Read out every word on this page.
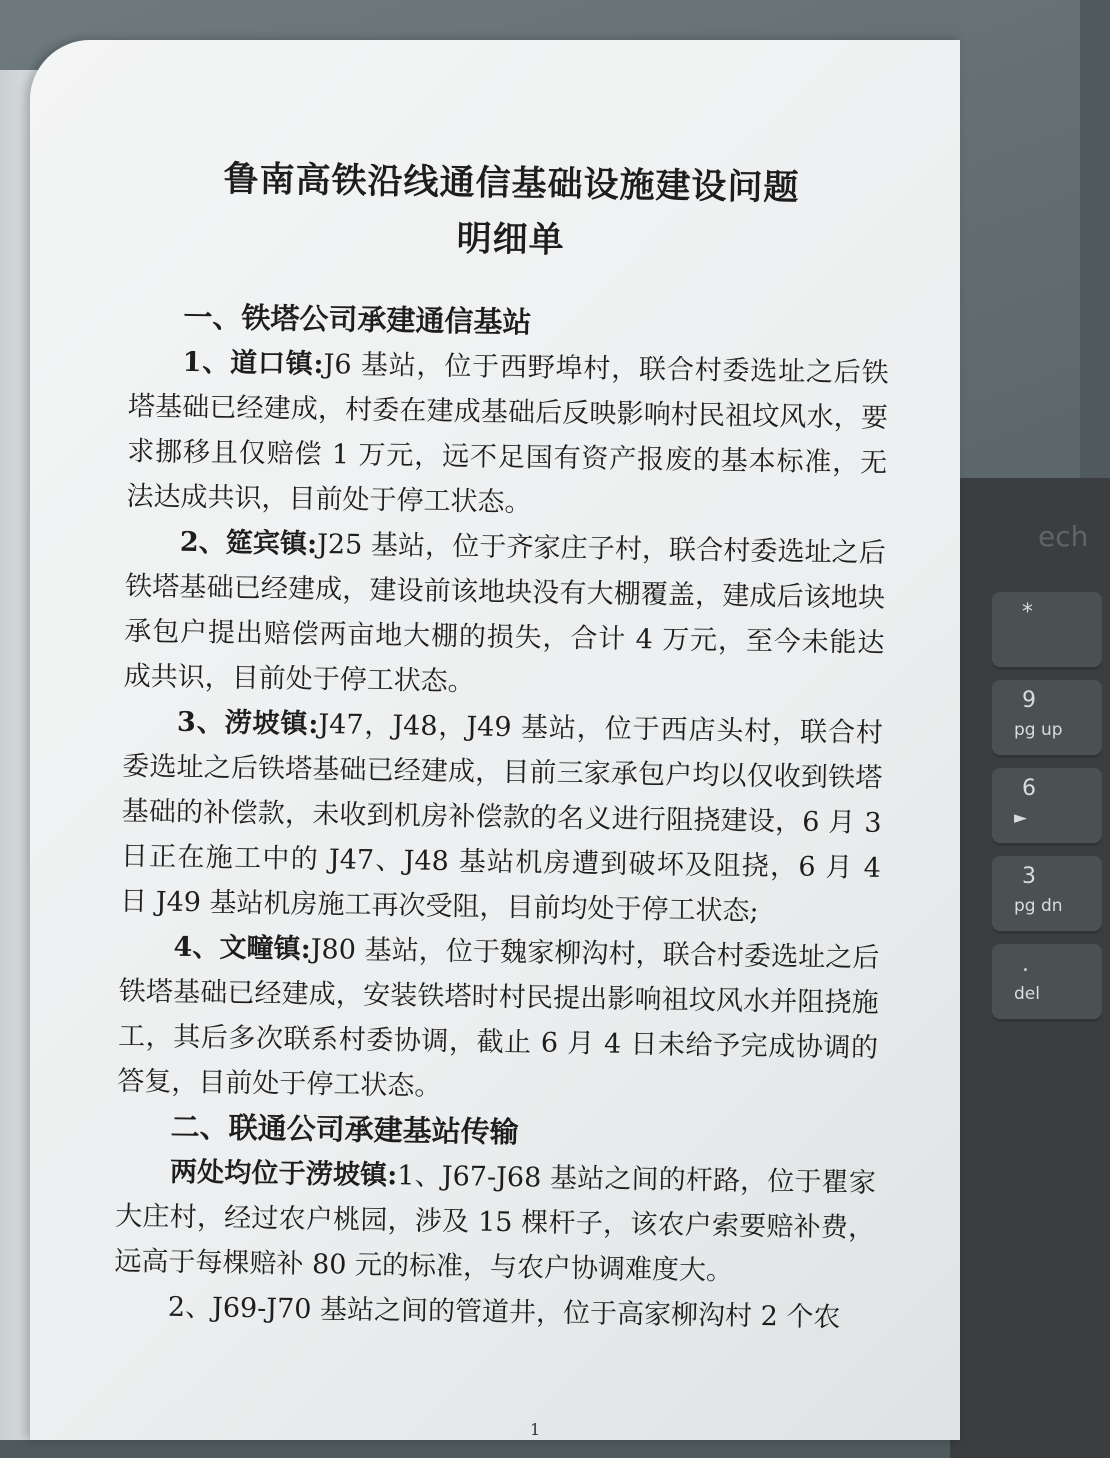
ech
*
9
pg up
6
►
3
pg dn
.
del

鲁南高铁沿线通信基础设施建设问题

明细单

一、铁塔公司承建通信基站

1、道口镇:J6 基站，位于西野埠村，联合村委选址之后铁塔基础已经建成，村委在建成基础后反映影响村民祖坟风水，要求挪移且仅赔偿 1 万元，远不足国有资产报废的基本标准，无法达成共识，目前处于停工状态。

2、筵宾镇:J25 基站，位于齐家庄子村，联合村委选址之后铁塔基础已经建成，建设前该地块没有大棚覆盖，建成后该地块承包户提出赔偿两亩地大棚的损失，合计 4 万元，至今未能达成共识，目前处于停工状态。

3、涝坡镇:J47，J48，J49 基站，位于西店头村，联合村委选址之后铁塔基础已经建成，目前三家承包户均以仅收到铁塔基础的补偿款，未收到机房补偿款的名义进行阻挠建设，6 月 3 日正在施工中的 J47、J48 基站机房遭到破坏及阻挠，6 月 4 日 J49 基站机房施工再次受阻，目前均处于停工状态;

4、文疃镇:J80 基站，位于魏家柳沟村，联合村委选址之后铁塔基础已经建成，安装铁塔时村民提出影响祖坟风水并阻挠施工，其后多次联系村委协调，截止 6 月 4 日未给予完成协调的答复，目前处于停工状态。

二、联通公司承建基站传输

两处均位于涝坡镇:1、J67-J68 基站之间的杆路，位于瞿家大庄村，经过农户桃园，涉及 15 棵杆子，该农户索要赔补费，远高于每棵赔补 80 元的标准，与农户协调难度大。

2、J69-J70 基站之间的管道井，位于高家柳沟村 2 个农

1
